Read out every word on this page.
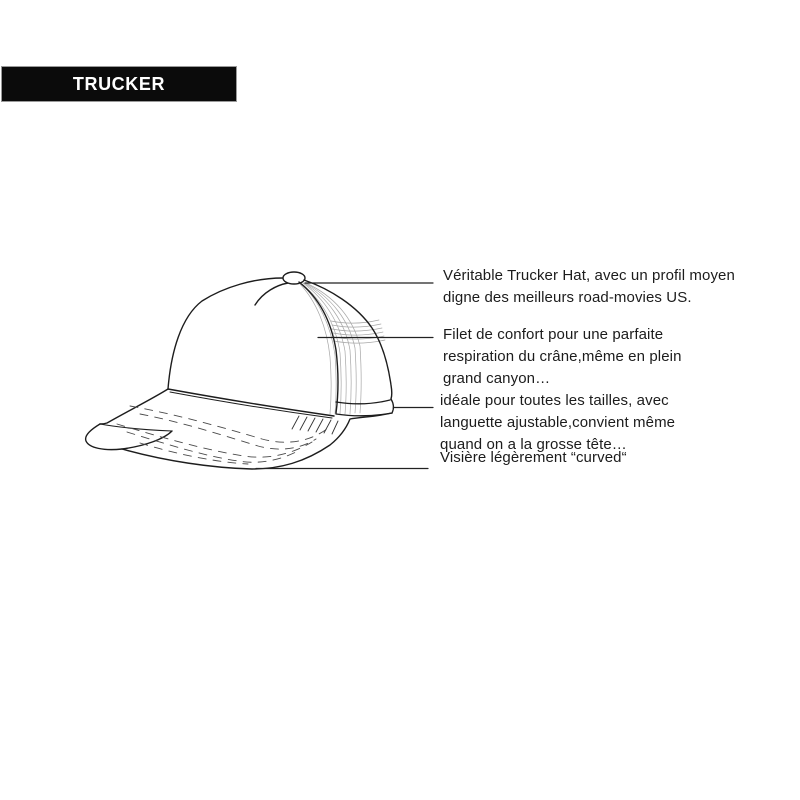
TRUCKER
Véritable Trucker Hat, avec un profil moyen
digne des meilleurs road-movies US.
Filet de confort pour une parfaite
respiration du crâne,même en plein
grand canyon…
idéale pour toutes les tailles, avec
languette ajustable,convient même
quand on a la grosse tête…
Visière légèrement “curved“
